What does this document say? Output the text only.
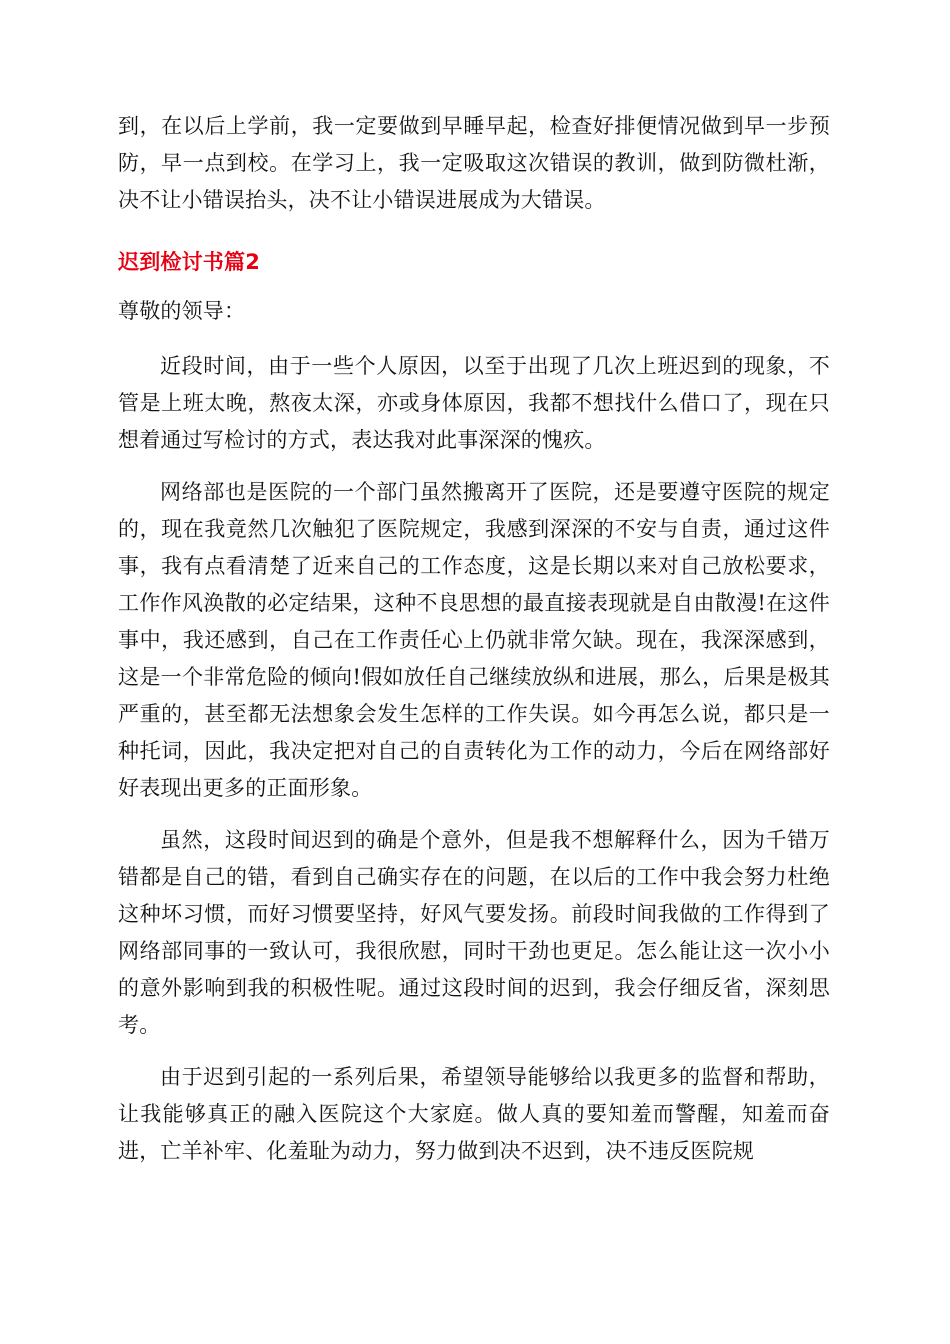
到，在以后上学前，我一定要做到早睡早起，检查好排便情况做到早一步预防，早一点到校。在学习上，我一定吸取这次错误的教训，做到防微杜渐，决不让小错误抬头，决不让小错误进展成为大错误。

迟到检讨书篇2

尊敬的领导：

近段时间，由于一些个人原因，以至于出现了几次上班迟到的现象，不管是上班太晚，熬夜太深，亦或身体原因，我都不想找什么借口了，现在只想着通过写检讨的方式，表达我对此事深深的愧疚。

网络部也是医院的一个部门虽然搬离开了医院，还是要遵守医院的规定的，现在我竟然几次触犯了医院规定，我感到深深的不安与自责，通过这件事，我有点看清楚了近来自己的工作态度，这是长期以来对自己放松要求，工作作风涣散的必定结果，这种不良思想的最直接表现就是自由散漫!在这件事中，我还感到，自己在工作责任心上仍就非常欠缺。现在，我深深感到，这是一个非常危险的倾向!假如放任自己继续放纵和进展，那么，后果是极其严重的，甚至都无法想象会发生怎样的工作失误。如今再怎么说，都只是一种托词，因此，我决定把对自己的自责转化为工作的动力，今后在网络部好好表现出更多的正面形象。

虽然，这段时间迟到的确是个意外，但是我不想解释什么，因为千错万错都是自己的错，看到自己确实存在的问题，在以后的工作中我会努力杜绝这种坏习惯，而好习惯要坚持，好风气要发扬。前段时间我做的工作得到了网络部同事的一致认可，我很欣慰，同时干劲也更足。怎么能让这一次小小的意外影响到我的积极性呢。通过这段时间的迟到，我会仔细反省，深刻思考。

由于迟到引起的一系列后果，希望领导能够给以我更多的监督和帮助，让我能够真正的融入医院这个大家庭。做人真的要知羞而警醒，知羞而奋进，亡羊补牢、化羞耻为动力，努力做到决不迟到，决不违反医院规
